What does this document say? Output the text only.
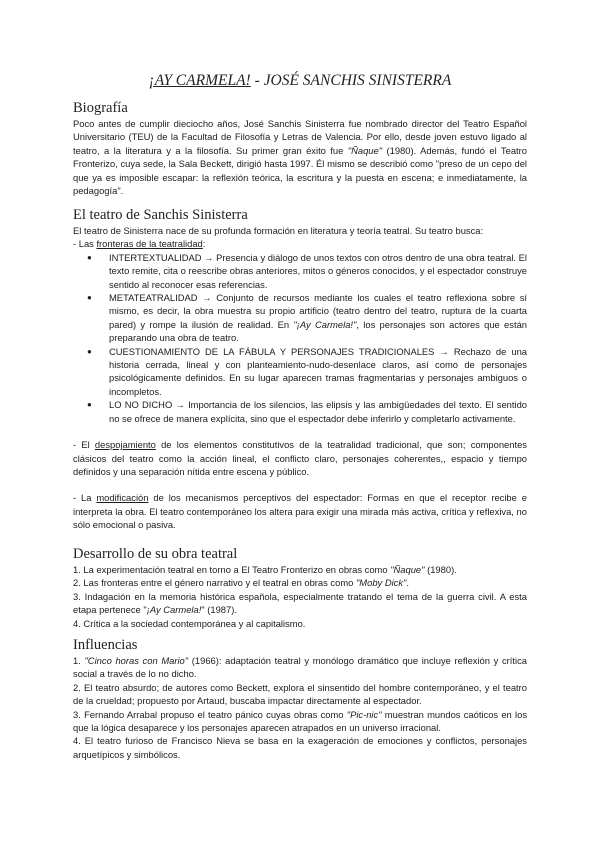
¡AY CARMELA! - JOSÉ SANCHIS SINISTERRA
Biografía

Poco antes de cumplir dieciocho años, José Sanchis Sinisterra fue nombrado director del Teatro Español Universitario (TEU) de la Facultad de Filosofía y Letras de Valencia. Por ello, desde joven estuvo ligado al teatro, a la literatura y a la filosofía. Su primer gran éxito fue "Ñaque" (1980). Además, fundó el Teatro Fronterizo, cuya sede, la Sala Beckett, dirigió hasta 1997. Él mismo se describió como "preso de un cepo del que ya es imposible escapar: la reflexión teórica, la escritura y la puesta en escena; e inmediatamente, la pedagogía".

El teatro de Sanchis Sinisterra

El teatro de Sinisterra nace de su profunda formación en literatura y teoría teatral. Su teatro busca:

- Las fronteras de la teatralidad:

● INTERTEXTUALIDAD → Presencia y diálogo de unos textos con otros dentro de una obra teatral. El texto remite, cita o reescribe obras anteriores, mitos o géneros conocidos, y el espectador construye sentido al reconocer esas referencias.
● METATEATRALIDAD → Conjunto de recursos mediante los cuales el teatro reflexiona sobre sí mismo, es decir, la obra muestra su propio artificio (teatro dentro del teatro, ruptura de la cuarta pared) y rompe la ilusión de realidad. En "¡Ay Carmela!", los personajes son actores que están preparando una obra de teatro.
● CUESTIONAMIENTO DE LA FÁBULA Y PERSONAJES TRADICIONALES → Rechazo de una historia cerrada, lineal y con planteamiento-nudo-desenlace claros, así como de personajes psicológicamente definidos. En su lugar aparecen tramas fragmentarias y personajes ambiguos o incompletos.
● LO NO DICHO → Importancia de los silencios, las elipsis y las ambigüedades del texto. El sentido no se ofrece de manera explícita, sino que el espectador debe inferirlo y completarlo activamente.

- El despojamiento de los elementos constitutivos de la teatralidad tradicional, que son; componentes clásicos del teatro como la acción lineal, el conflicto claro, personajes coherentes,, espacio y tiempo definidos y una separación nítida entre escena y público.

- La modificación de los mecanismos perceptivos del espectador: Formas en que el receptor recibe e interpreta la obra. El teatro contemporáneo los altera para exigir una mirada más activa, crítica y reflexiva, no sólo emocional o pasiva.

Desarrollo de su obra teatral

1. La experimentación teatral en torno a El Teatro Fronterizo en obras como "Ñaque" (1980).

2. Las fronteras entre el género narrativo y el teatral en obras como "Moby Dick".

3. Indagación en la memoria histórica española, especialmente tratando el tema de la guerra civil. A esta etapa pertenece "¡Ay Carmela!" (1987).

4. Crítica a la sociedad contemporánea y al capitalismo.

Influencias

1. "Cinco horas con Mario" (1966): adaptación teatral y monólogo dramático que incluye reflexión y crítica social a través de lo no dicho.

2. El teatro absurdo; de autores como Beckett, explora el sinsentido del hombre contemporáneo, y el teatro de la crueldad; propuesto por Artaud, buscaba impactar directamente al espectador.

3. Fernando Arrabal propuso el teatro pánico cuyas obras como "Pic-nic" muestran mundos caóticos en los que la lógica desaparece y los personajes aparecen atrapados en un universo irracional.

4. El teatro furioso de Francisco Nieva se basa en la exageración de emociones y conflictos, personajes arquetípicos y simbólicos.
